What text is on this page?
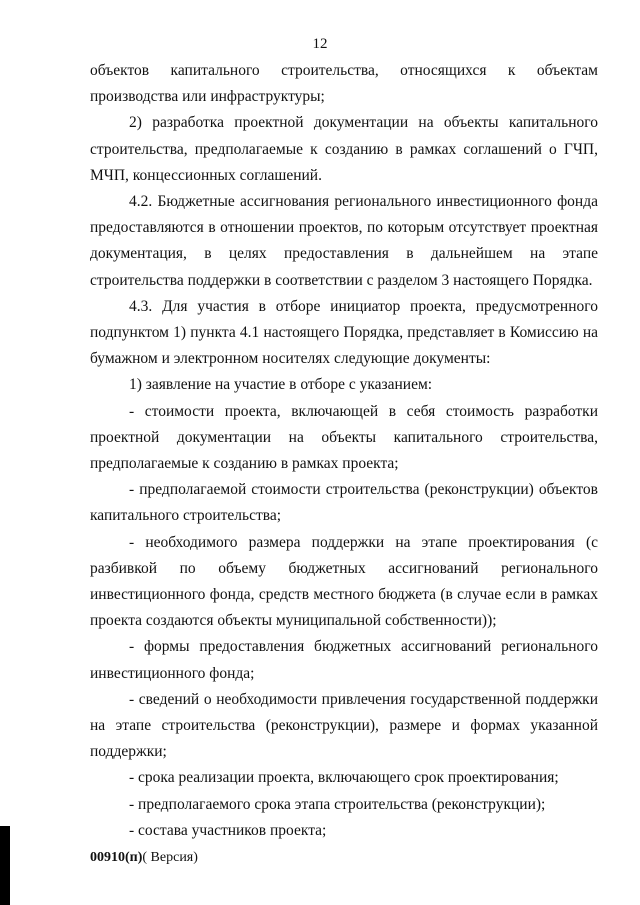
12

объектов капитального строительства, относящихся к объектам производства или инфраструктуры;

2) разработка проектной документации на объекты капитального строительства, предполагаемые к созданию в рамках соглашений о ГЧП, МЧП, концессионных соглашений.

4.2. Бюджетные ассигнования регионального инвестиционного фонда предоставляются в отношении проектов, по которым отсутствует проектная документация, в целях предоставления в дальнейшем на этапе строительства поддержки в соответствии с разделом 3 настоящего Порядка.

4.3. Для участия в отборе инициатор проекта, предусмотренного подпунктом 1) пункта 4.1 настоящего Порядка, представляет в Комиссию на бумажном и электронном носителях следующие документы:

1) заявление на участие в отборе с указанием:

- стоимости проекта, включающей в себя стоимость разработки проектной документации на объекты капитального строительства, предполагаемые к созданию в рамках проекта;

- предполагаемой стоимости строительства (реконструкции) объектов капитального строительства;

- необходимого размера поддержки на этапе проектирования (с разбивкой по объему бюджетных ассигнований регионального инвестиционного фонда, средств местного бюджета (в случае если в рамках проекта создаются объекты муниципальной собственности));

- формы предоставления бюджетных ассигнований регионального инвестиционного фонда;

- сведений о необходимости привлечения государственной поддержки на этапе строительства (реконструкции), размере и формах указанной поддержки;

- срока реализации проекта, включающего срок проектирования;

- предполагаемого срока этапа строительства (реконструкции);

- состава участников проекта;

00910(п)( Версия)
